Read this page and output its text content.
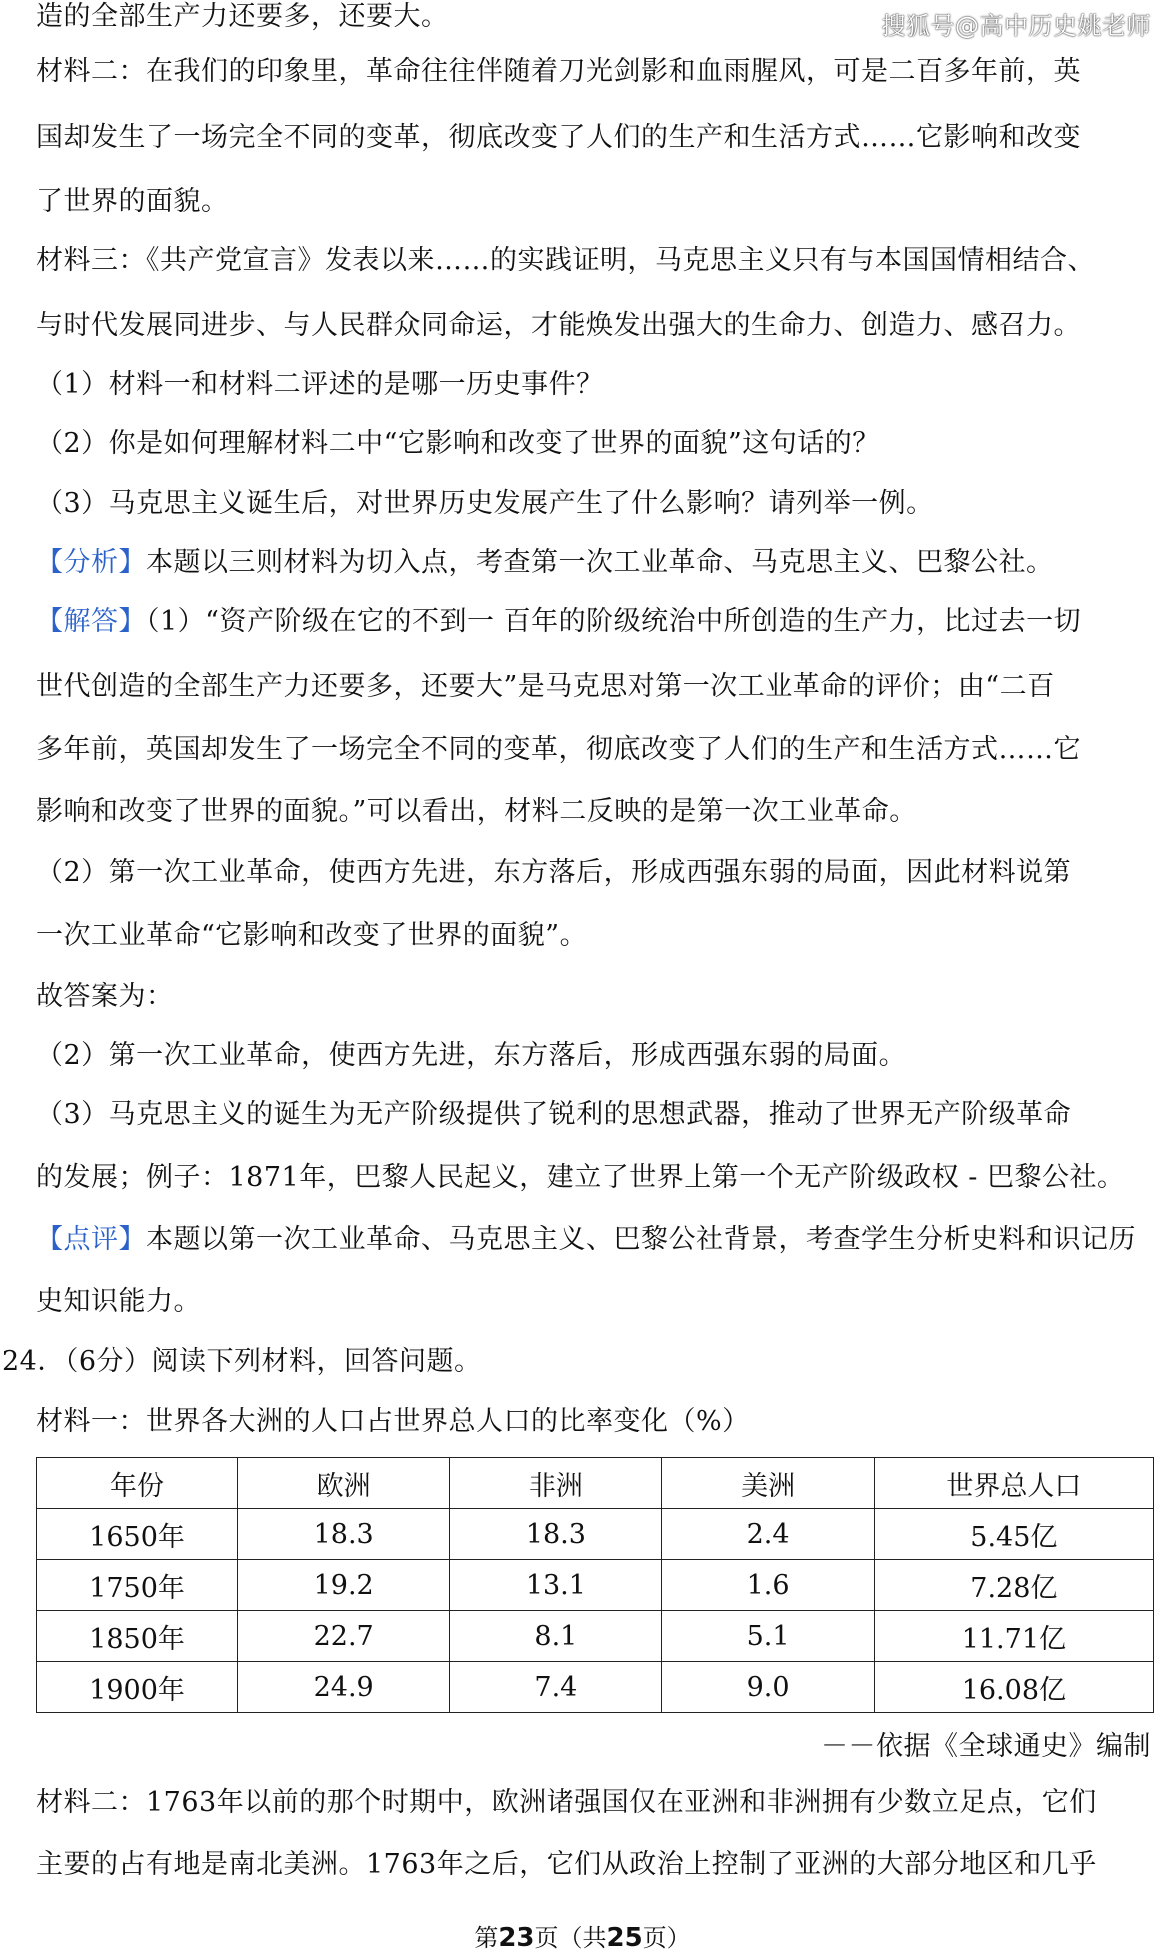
搜狐号@高中历史姚老师
造的全部生产力还要多，还要大。
材料二：在我们的印象里，革命往往伴随着刀光剑影和血雨腥风，可是二百多年前，英
国却发生了一场完全不同的变革，彻底改变了人们的生产和生活方式……它影响和改变
了世界的面貌。
材料三：《共产党宣言》发表以来……的实践证明，马克思主义只有与本国国情相结合、
与时代发展同进步、与人民群众同命运，才能焕发出强大的生命力、创造力、感召力。
（1）材料一和材料二评述的是哪一历史事件？
（2）你是如何理解材料二中“它影响和改变了世界的面貌”这句话的？
（3）马克思主义诞生后，对世界历史发展产生了什么影响？请列举一例。
【分析】本题以三则材料为切入点，考查第一次工业革命、马克思主义、巴黎公社。
【解答】（1）“资产阶级在它的不到一 百年的阶级统治中所创造的生产力，比过去一切
世代创造的全部生产力还要多，还要大”是马克思对第一次工业革命的评价；由“二百
多年前，英国却发生了一场完全不同的变革，彻底改变了人们的生产和生活方式……它
影响和改变了世界的面貌。”可以看出，材料二反映的是第一次工业革命。
（2）第一次工业革命，使西方先进，东方落后，形成西强东弱的局面，因此材料说第
一次工业革命“它影响和改变了世界的面貌”。
故答案为：
（2）第一次工业革命，使西方先进，东方落后，形成西强东弱的局面。
（3）马克思主义的诞生为无产阶级提供了锐利的思想武器，推动了世界无产阶级革命
的发展；例子：1871年，巴黎人民起义，建立了世界上第一个无产阶级政权 - 巴黎公社。
【点评】本题以第一次工业革命、马克思主义、巴黎公社背景，考查学生分析史料和识记历
史知识能力。
24．（6分）阅读下列材料，回答问题。
材料一：世界各大洲的人口占世界总人口的比率变化（%）
年份	欧洲	非洲	美洲	世界总人口
1650年	18.3	18.3	2.4	5.45亿
1750年	19.2	13.1	1.6	7.28亿
1850年	22.7	8.1	5.1	11.71亿
1900年	24.9	7.4	9.0	16.08亿
－－依据《全球通史》编制
材料二：1763年以前的那个时期中，欧洲诸强国仅在亚洲和非洲拥有少数立足点，它们
主要的占有地是南北美洲。1763年之后，它们从政治上控制了亚洲的大部分地区和几乎
第23页（共25页）
